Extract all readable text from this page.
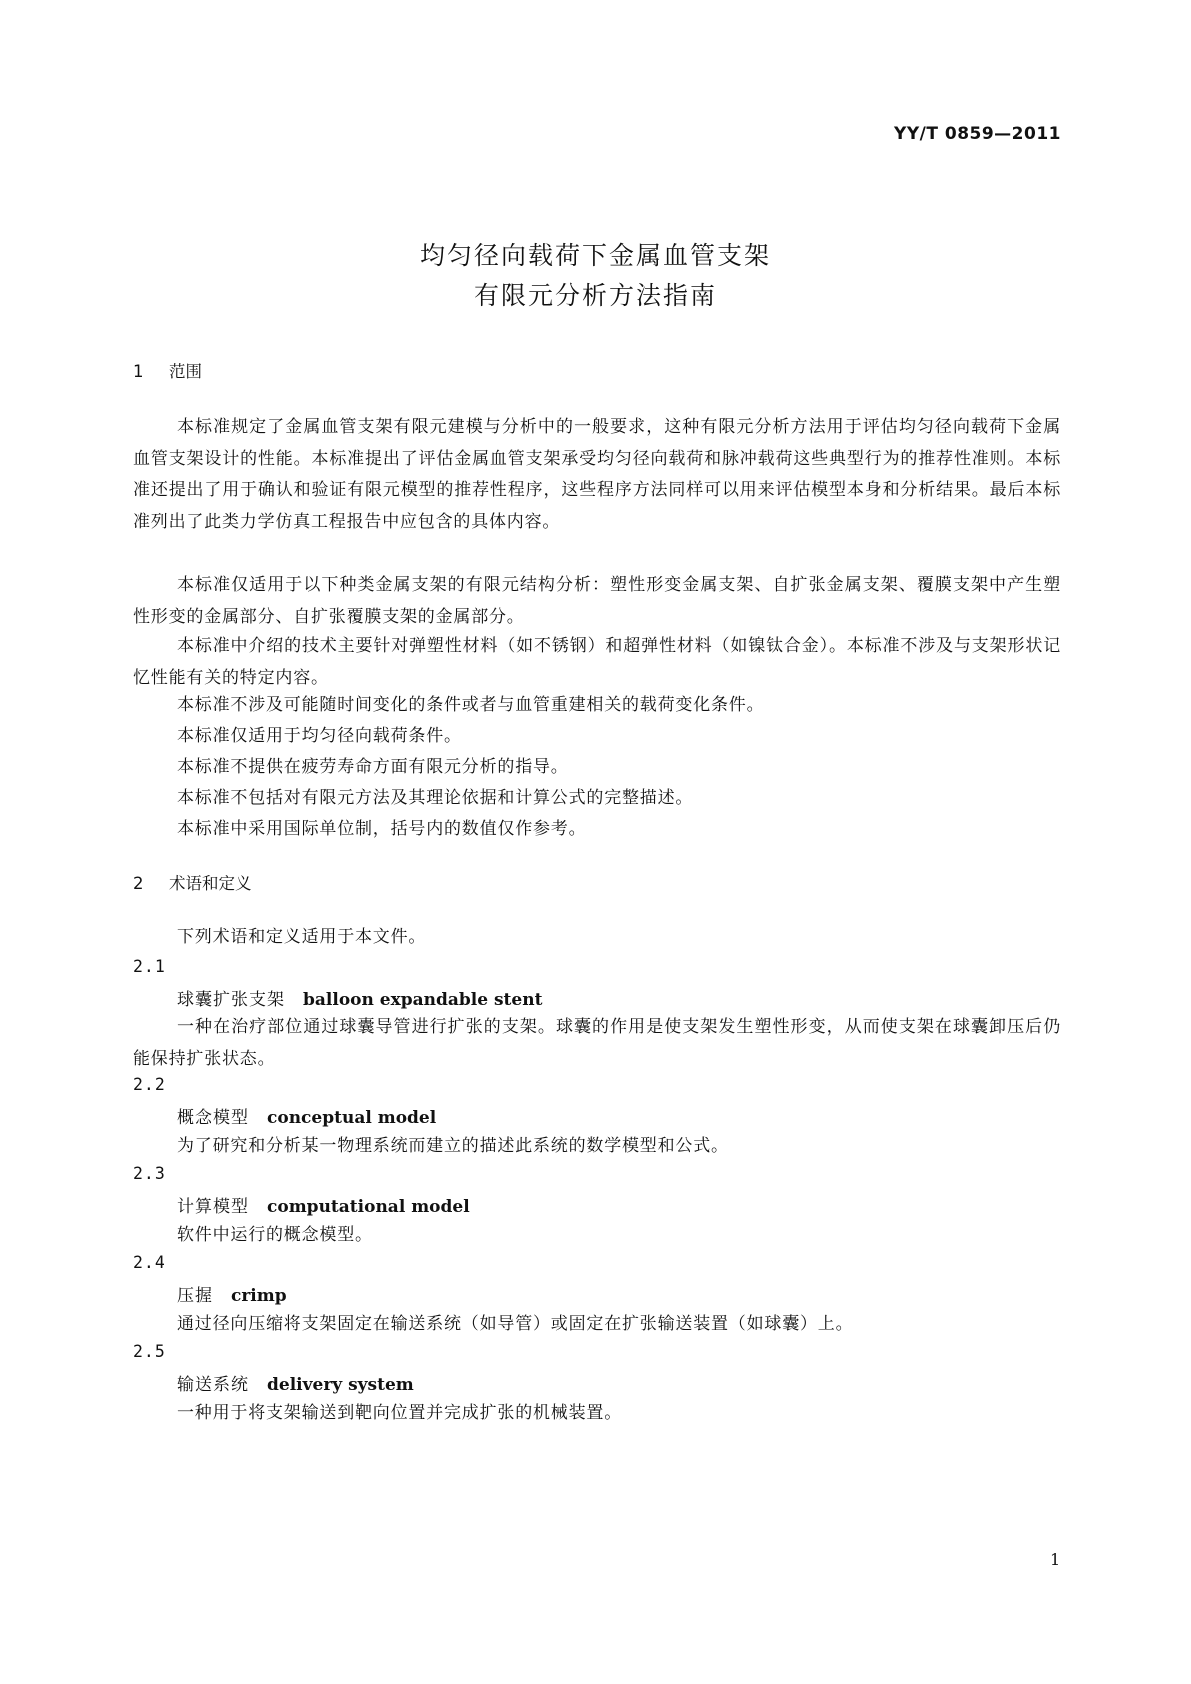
YY/T 0859—2011
均匀径向载荷下金属血管支架
有限元分析方法指南
1 范围
本标准规定了金属血管支架有限元建模与分析中的一般要求，这种有限元分析方法用于评估均匀径向载荷下金属血管支架设计的性能。本标准提出了评估金属血管支架承受均匀径向载荷和脉冲载荷这些典型行为的推荐性准则。本标准还提出了用于确认和验证有限元模型的推荐性程序，这些程序方法同样可以用来评估模型本身和分析结果。最后本标准列出了此类力学仿真工程报告中应包含的具体内容。
本标准仅适用于以下种类金属支架的有限元结构分析：塑性形变金属支架、自扩张金属支架、覆膜支架中产生塑性形变的金属部分、自扩张覆膜支架的金属部分。
本标准中介绍的技术主要针对弹塑性材料（如不锈钢）和超弹性材料（如镍钛合金）。本标准不涉及与支架形状记忆性能有关的特定内容。
本标准不涉及可能随时间变化的条件或者与血管重建相关的载荷变化条件。
本标准仅适用于均匀径向载荷条件。
本标准不提供在疲劳寿命方面有限元分析的指导。
本标准不包括对有限元方法及其理论依据和计算公式的完整描述。
本标准中采用国际单位制，括号内的数值仅作参考。
2 术语和定义
下列术语和定义适用于本文件。
2.1
球囊扩张支架 balloon expandable stent
一种在治疗部位通过球囊导管进行扩张的支架。球囊的作用是使支架发生塑性形变，从而使支架在球囊卸压后仍能保持扩张状态。
2.2
概念模型 conceptual model
为了研究和分析某一物理系统而建立的描述此系统的数学模型和公式。
2.3
计算模型 computational model
软件中运行的概念模型。
2.4
压握 crimp
通过径向压缩将支架固定在输送系统（如导管）或固定在扩张输送装置（如球囊）上。
2.5
输送系统 delivery system
一种用于将支架输送到靶向位置并完成扩张的机械装置。
1
